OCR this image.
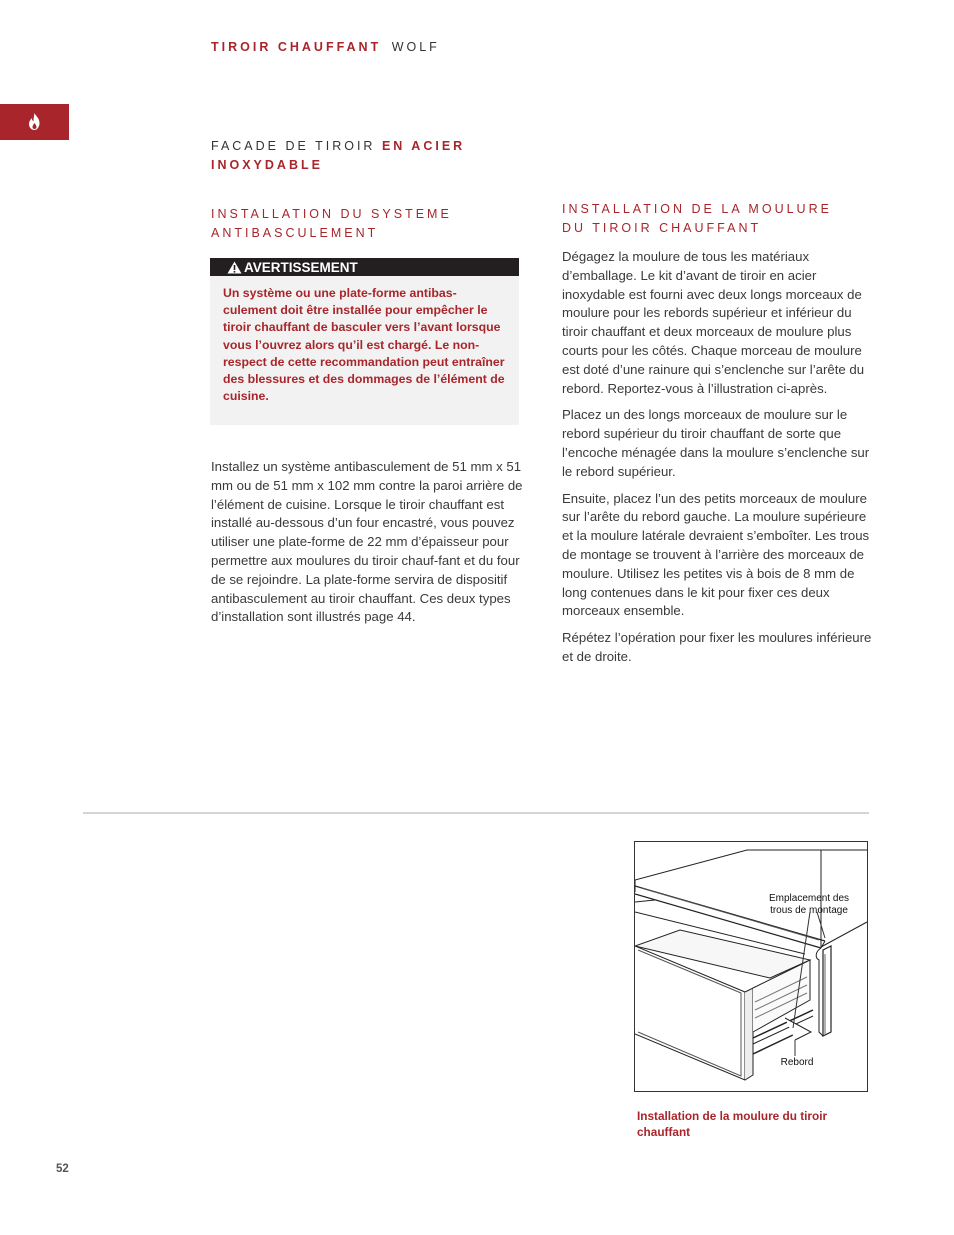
TIROIR CHAUFFANT WOLF
FACADE DE TIROIR EN ACIER INOXYDABLE
INSTALLATION DU SYSTEME
ANTIBASCULEMENT
AVERTISSEMENT
Un système ou une plate-forme antibas-culement doit être installée pour empêcher le tiroir chauffant de basculer vers l’avant lorsque vous l’ouvrez alors qu’il est chargé. Le non-respect de cette recommandation peut entraîner des blessures et des dommages de l’élément de cuisine.

Installez un système antibasculement de 51 mm x 51 mm ou de 51 mm x 102 mm contre la paroi arrière de l’élément de cuisine. Lorsque le tiroir chauffant est installé au-dessous d’un four encastré, vous pouvez utiliser une plate-forme de 22 mm d’épaisseur pour permettre aux moulures du tiroir chauf-fant et du four de se rejoindre. La plate-forme servira de dispositif antibasculement au tiroir chauffant. Ces deux types d’installation sont illustrés page 44.

INSTALLATION DE LA MOULURE
DU TIROIR CHAUFFANT

Dégagez la moulure de tous les matériaux d’emballage. Le kit d’avant de tiroir en acier inoxydable est fourni avec deux longs morceaux de moulure pour les rebords supérieur et inférieur du tiroir chauffant et deux morceaux de moulure plus courts pour les côtés. Chaque morceau de moulure est doté d’une rainure qui s’enclenche sur l’arête du rebord. Reportez-vous à l’illustration ci-après.

Placez un des longs morceaux de moulure sur le rebord supérieur du tiroir chauffant de sorte que l’encoche ménagée dans la moulure s’enclenche sur le rebord supérieur.

Ensuite, placez l’un des petits morceaux de moulure sur l’arête du rebord gauche. La moulure supérieure et la moulure latérale devraient s’emboîter. Les trous de montage se trouvent à l’arrière des morceaux de moulure. Utilisez les petites vis à bois de 8 mm de long contenues dans le kit pour fixer ces deux morceaux ensemble.

Répétez l’opération pour fixer les moulures inférieure et de droite.

Emplacement des
trous de montage
Rebord
Installation de la moulure du tiroir chauffant
52
